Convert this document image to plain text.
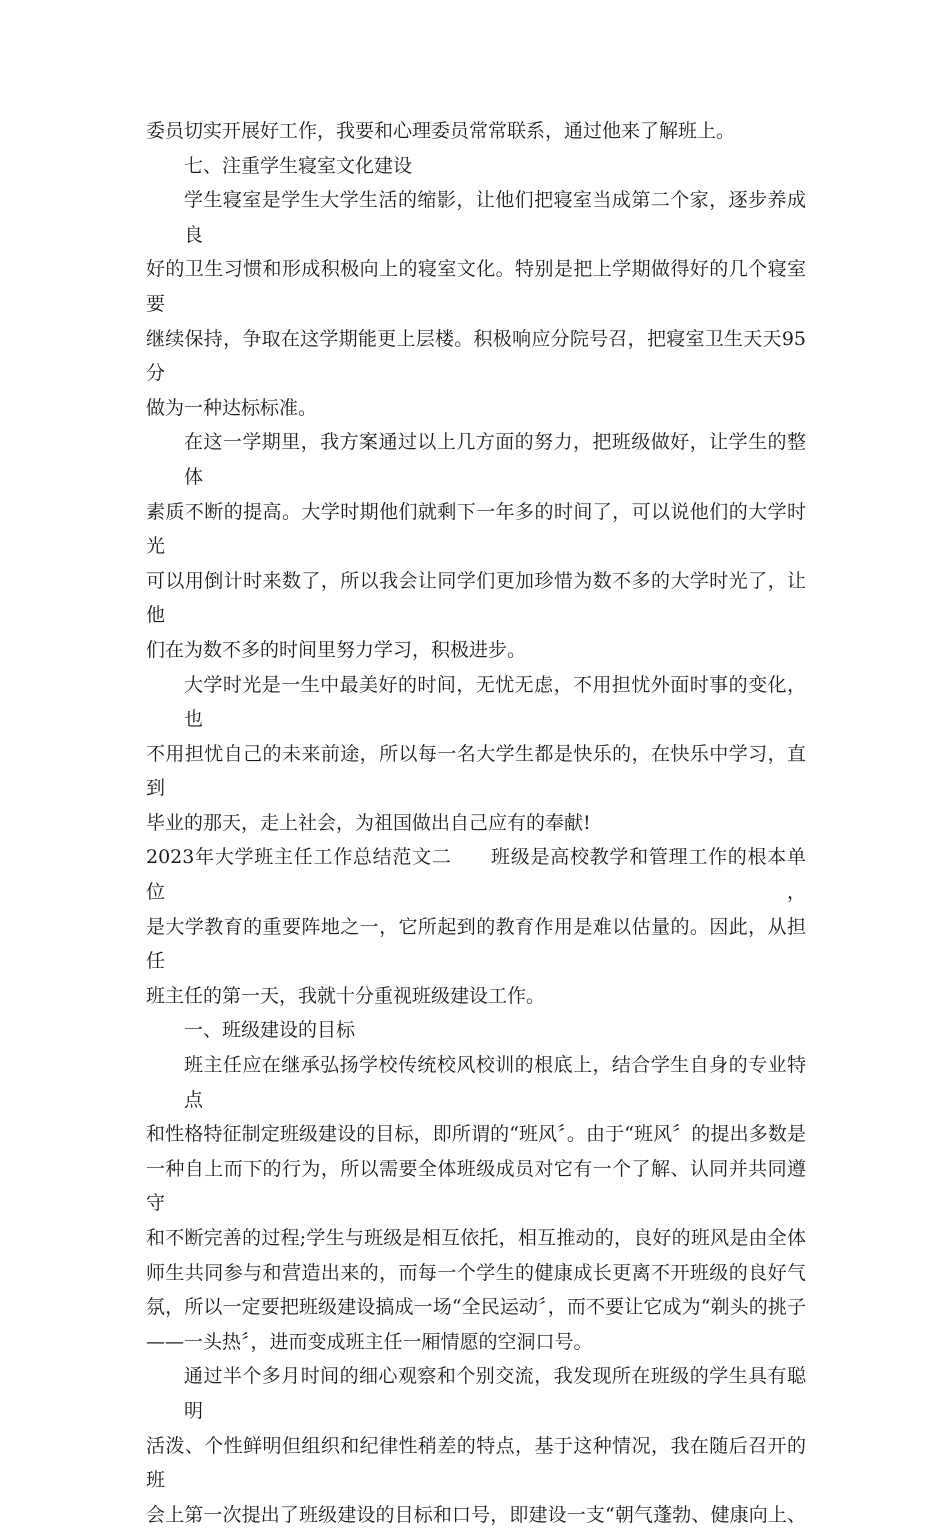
委员切实开展好工作，我要和心理委员常常联系，通过他来了解班上。

七、注重学生寝室文化建设

学生寝室是学生大学生活的缩影，让他们把寝室当成第二个家，逐步养成良

好的卫生习惯和形成积极向上的寝室文化。特别是把上学期做得好的几个寝室要

继续保持，争取在这学期能更上层楼。积极响应分院号召，把寝室卫生天天95分

做为一种达标标准。

在这一学期里，我方案通过以上几方面的努力，把班级做好，让学生的整体

素质不断的提高。大学时期他们就剩下一年多的时间了，可以说他们的大学时光

可以用倒计时来数了，所以我会让同学们更加珍惜为数不多的大学时光了，让他

们在为数不多的时间里努力学习，积极进步。

大学时光是一生中最美好的时间，无忧无虑，不用担忧外面时事的变化，也

不用担忧自己的未来前途，所以每一名大学生都是快乐的，在快乐中学习，直到

毕业的那天，走上社会，为祖国做出自己应有的奉献!

2023年大学班主任工作总结范文二　　班级是高校教学和管理工作的根本单位，

是大学教育的重要阵地之一，它所起到的教育作用是难以估量的。因此，从担任

班主任的第一天，我就十分重视班级建设工作。

一、班级建设的目标

班主任应在继承弘扬学校传统校风校训的根底上，结合学生自身的专业特点

和性格特征制定班级建设的目标，即所谓的“班风〞。由于“班风〞的提出多数是

一种自上而下的行为，所以需要全体班级成员对它有一个了解、认同并共同遵守

和不断完善的过程;学生与班级是相互依托，相互推动的，良好的班风是由全体

师生共同参与和营造出来的，而每一个学生的健康成长更离不开班级的良好气

氛，所以一定要把班级建设搞成一场“全民运动〞，而不要让它成为“剃头的挑子

——一头热〞，进而变成班主任一厢情愿的空洞口号。

通过半个多月时间的细心观察和个别交流，我发现所在班级的学生具有聪明

活泼、个性鲜明但组织和纪律性稍差的特点，基于这种情况，我在随后召开的班

会上第一次提出了班级建设的目标和口号，即建设一支“朝气蓬勃、健康向上、
